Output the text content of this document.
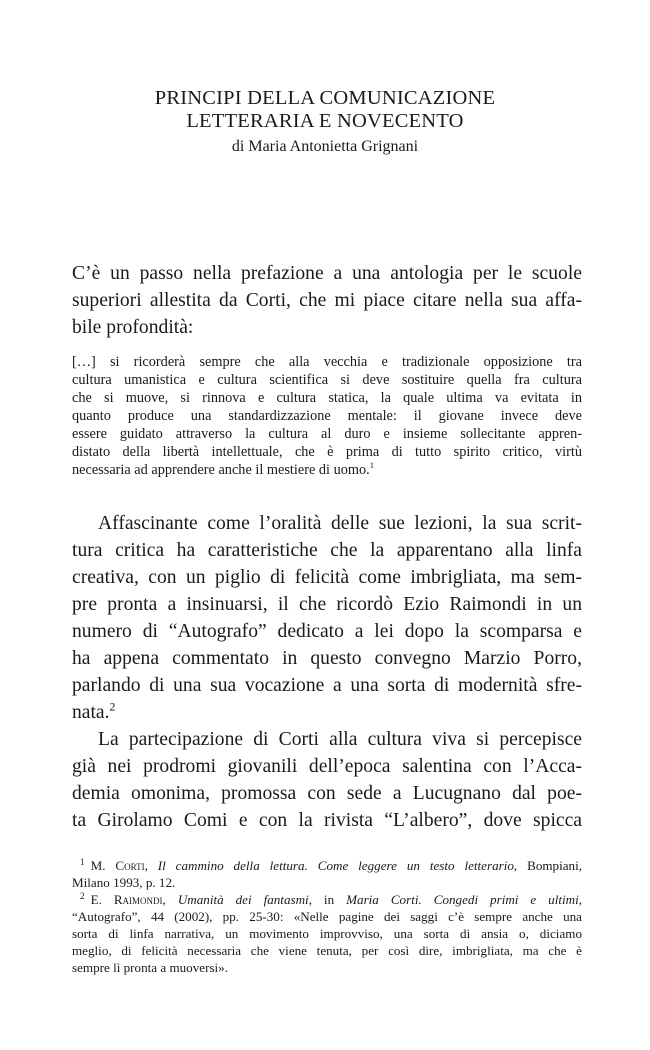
PRINCIPI DELLA COMUNICAZIONE
LETTERARIA E NOVECENTO
di Maria Antonietta Grignani
C’è un passo nella prefazione a una antologia per le scuole
superiori allestita da Corti, che mi piace citare nella sua affa-
bile profondità:
[…] si ricorderà sempre che alla vecchia e tradizionale opposizione tra
cultura umanistica e cultura scientifica si deve sostituire quella fra cultura
che si muove, si rinnova e cultura statica, la quale ultima va evitata in
quanto produce una standardizzazione mentale: il giovane invece deve
essere guidato attraverso la cultura al duro e insieme sollecitante appren-
distato della libertà intellettuale, che è prima di tutto spirito critico, virtù
necessaria ad apprendere anche il mestiere di uomo.$^1$
Affascinante come l’oralità delle sue lezioni, la sua scrit-
tura critica ha caratteristiche che la apparentano alla linfa
creativa, con un piglio di felicità come imbrigliata, ma sem-
pre pronta a insinuarsi, il che ricordò Ezio Raimondi in un
numero di “Autografo” dedicato a lei dopo la scomparsa e
ha appena commentato in questo convegno Marzio Porro,
parlando di una sua vocazione a una sorta di modernità sfre-
nata.$^2$
La partecipazione di Corti alla cultura viva si percepisce
già nei prodromi giovanili dell’epoca salentina con l’Acca-
demia omonima, promossa con sede a Lucugnano dal poe-
ta Girolamo Comi e con la rivista “L’albero”, dove spicca
$^1$ M. Corti, Il cammino della lettura. Come leggere un testo letterario, Bompiani,
Milano 1993, p. 12.
$^2$ E. Raimondi, Umanità dei fantasmi, in Maria Corti. Congedi primi e ultimi,
“Autografo”, 44 (2002), pp. 25-30: «Nelle pagine dei saggi c’è sempre anche una
sorta di linfa narrativa, un movimento improvviso, una sorta di ansia o, diciamo
meglio, di felicità necessaria che viene tenuta, per così dire, imbrigliata, ma che è
sempre lì pronta a muoversi».
